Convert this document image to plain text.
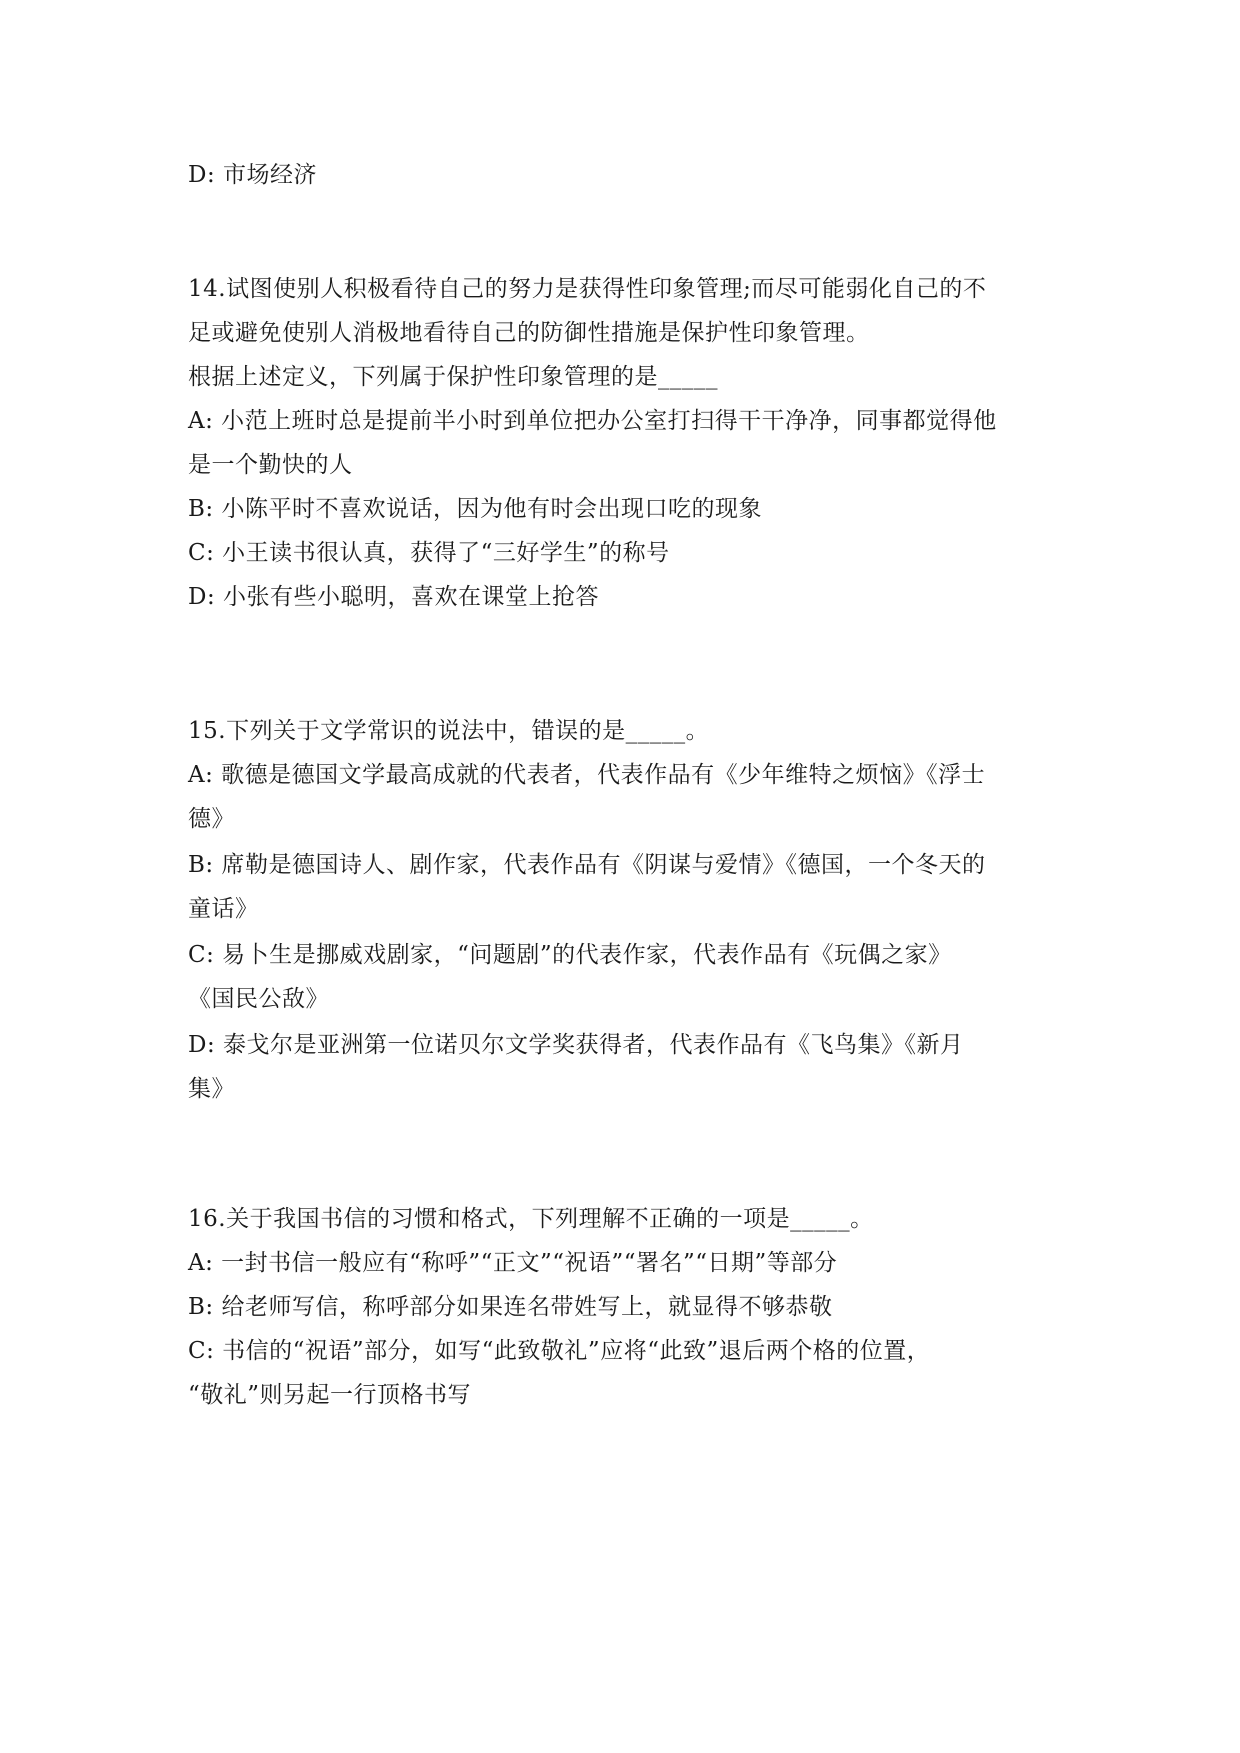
D: 市场经济
14.试图使别人积极看待自己的努力是获得性印象管理;而尽可能弱化自己的不
足或避免使别人消极地看待自己的防御性措施是保护性印象管理。
根据上述定义，下列属于保护性印象管理的是_____
A: 小范上班时总是提前半小时到单位把办公室打扫得干干净净，同事都觉得他
是一个勤快的人
B: 小陈平时不喜欢说话，因为他有时会出现口吃的现象
C: 小王读书很认真，获得了“三好学生”的称号
D: 小张有些小聪明，喜欢在课堂上抢答
15.下列关于文学常识的说法中，错误的是_____。
A: 歌德是德国文学最高成就的代表者，代表作品有《少年维特之烦恼》《浮士
德》
B: 席勒是德国诗人、剧作家，代表作品有《阴谋与爱情》《德国，一个冬天的
童话》
C: 易卜生是挪威戏剧家，“问题剧”的代表作家，代表作品有《玩偶之家》
《国民公敌》
D: 泰戈尔是亚洲第一位诺贝尔文学奖获得者，代表作品有《飞鸟集》《新月
集》
16.关于我国书信的习惯和格式，下列理解不正确的一项是_____。
A: 一封书信一般应有“称呼”“正文”“祝语”“署名”“日期”等部分
B: 给老师写信，称呼部分如果连名带姓写上，就显得不够恭敬
C: 书信的“祝语”部分，如写“此致敬礼”应将“此致”退后两个格的位置，
“敬礼”则另起一行顶格书写
